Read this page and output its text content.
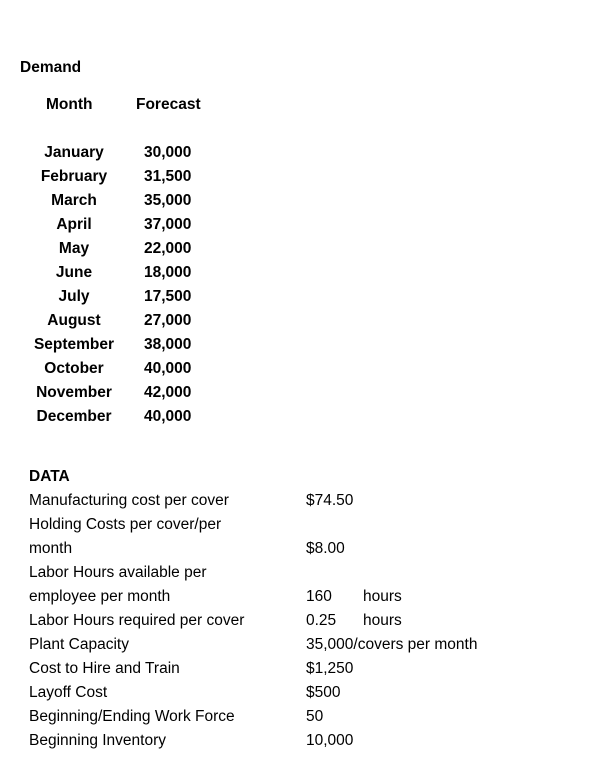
Demand
Month	Forecast
January	30,000
February	31,500
March	35,000
April	37,000
May	22,000
June	18,000
July	17,500
August	27,000
September	38,000
October	40,000
November	42,000
December	40,000
DATA
Manufacturing cost per cover	$74.50
Holding Costs per cover/per
month	$8.00
Labor Hours available per
employee per month	160 hours
Labor Hours required per cover	0.25 hours
Plant Capacity	35,000/covers per month
Cost to Hire and Train	$1,250
Layoff Cost	$500
Beginning/Ending Work Force	50
Beginning Inventory	10,000
